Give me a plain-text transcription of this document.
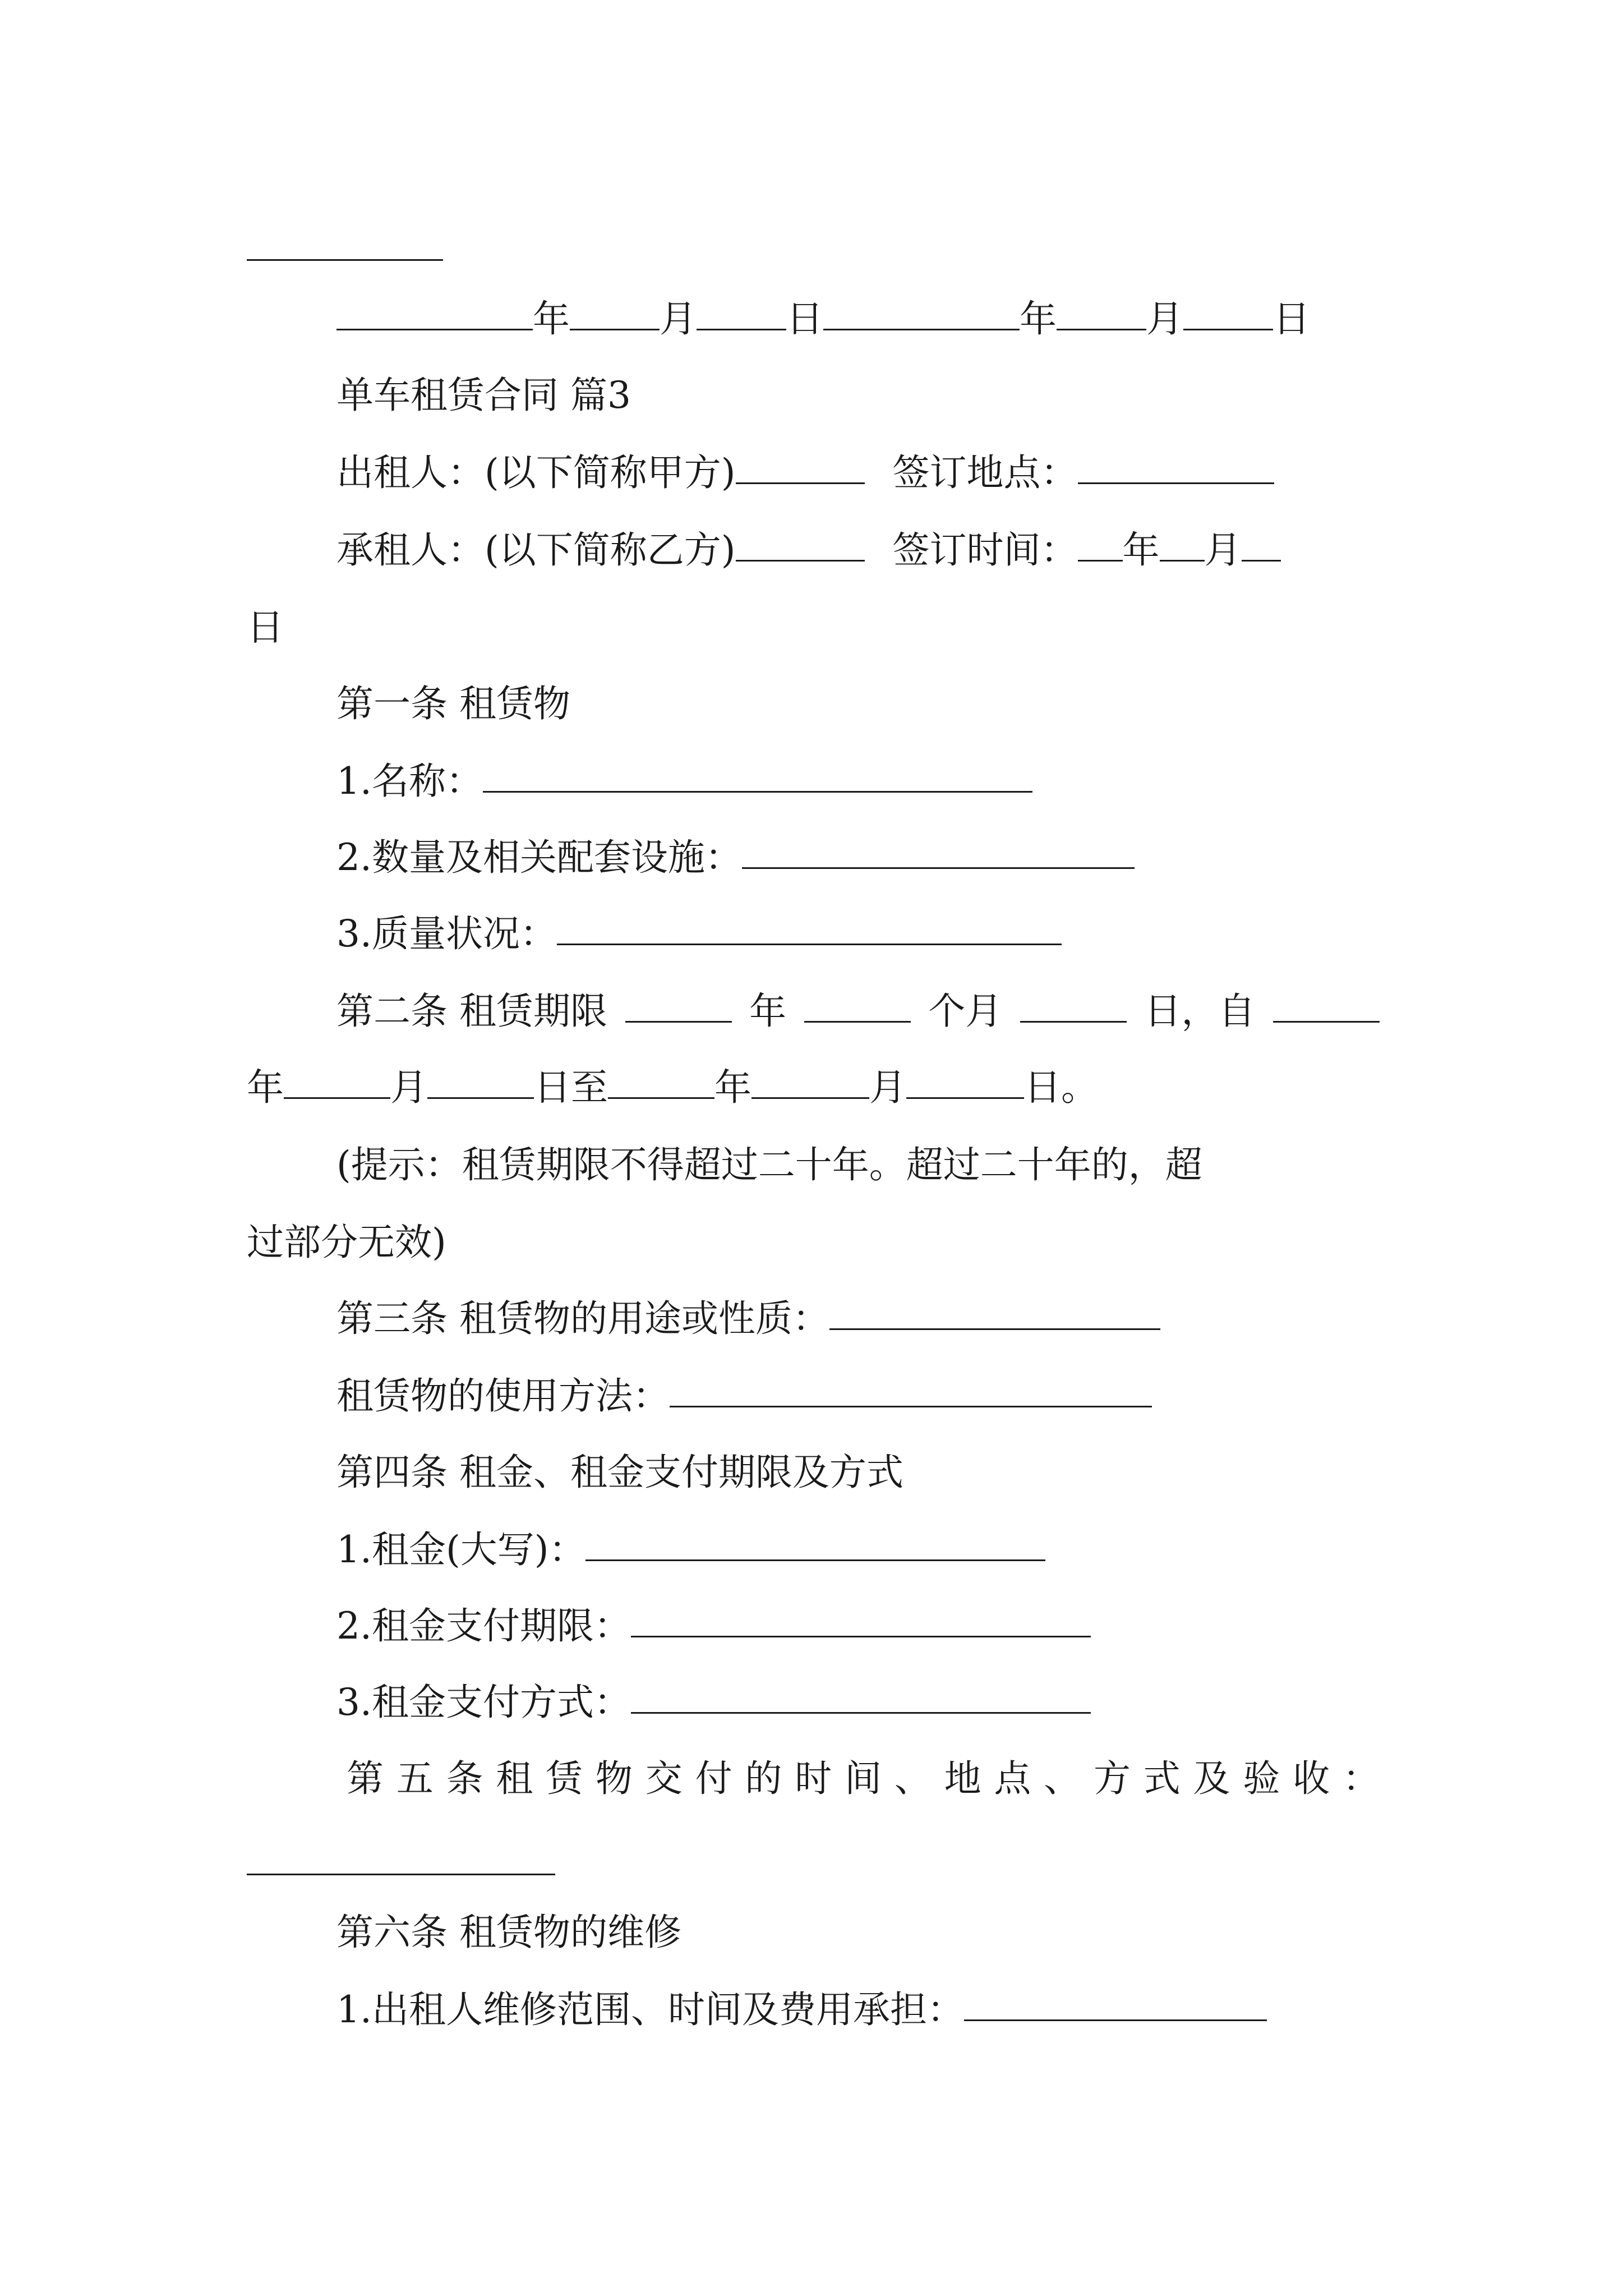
年 月 日	年 月 日
单车租赁合同 篇3
出租人：(以下简称甲方)	签订地点：
承租人：(以下简称乙方)	签订时间： 年 月
日
第一条 租赁物
1.名称：
2.数量及相关配套设施：
3.质量状况：
第二条 租赁期限	年	个月	日，自
年	月	日至	年	月	日。
(提示：租赁期限不得超过二十年。超过二十年的，超
过部分无效)
第三条 租赁物的用途或性质：
租赁物的使用方法：
第四条 租金、租金支付期限及方式
1.租金(大写)：
2.租金支付期限：
3.租金支付方式：
第 五 条 租 赁 物 交 付 的 时 间 、 地 点 、 方 式 及 验 收 ：
第六条 租赁物的维修
1.出租人维修范围、时间及费用承担：
